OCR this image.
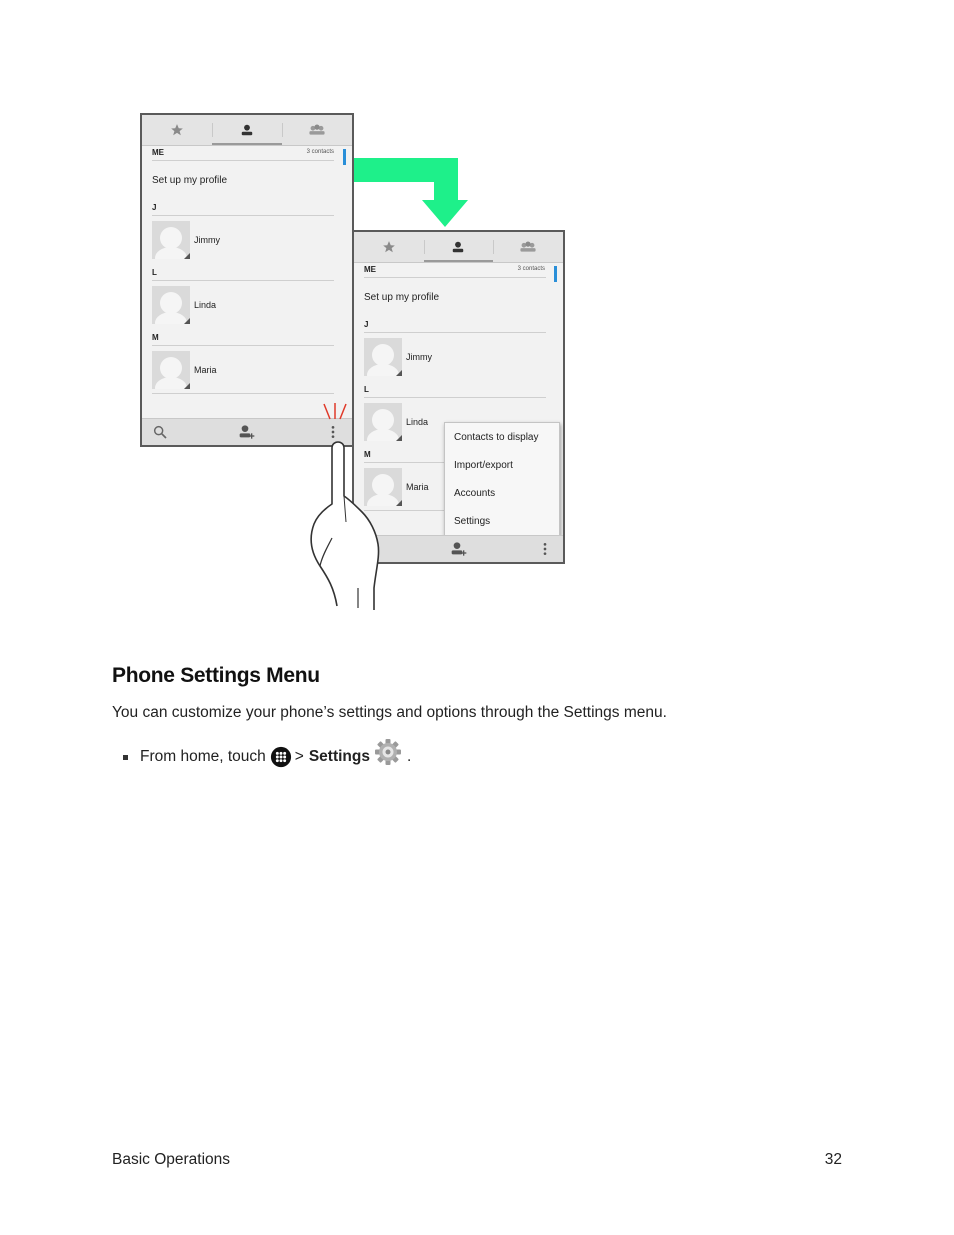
ME	3 contacts
Set up my profile
J
Jimmy
L
Linda
M
Maria
ME	3 contacts
Set up my profile
J
Jimmy
L
Linda
M
Maria
Contacts to display
Import/export
Accounts
Settings
Phone Settings Menu
You can customize your phone’s settings and options through the Settings menu.
From home, touch > Settings .
Basic Operations	32
